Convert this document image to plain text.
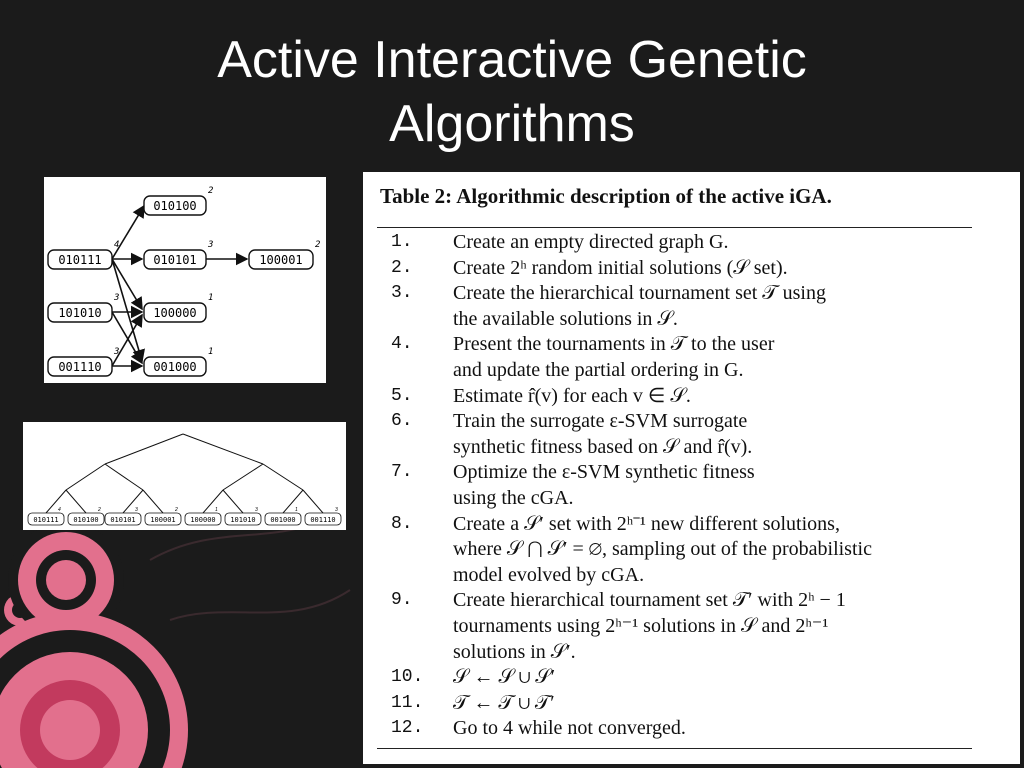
Active Interactive Genetic
Algorithms
010111
4
101010
3
001110
3
010100
2
010101
3
100000
1
001000
1
100001
2
010111
4
010100
2
010101
3
100001
2
100000
1
101010
3
001000
1
001110
3
Table 2: Algorithmic description of the active iGA.
1. Create an empty directed graph G.
2. Create 2ʰ random initial solutions (𝒮 set).
3. Create the hierarchical tournament set 𝒯 using
the available solutions in 𝒮.
4. Present the tournaments in 𝒯 to the user
and update the partial ordering in G.
5. Estimate r̂(v) for each v ∈ 𝒮.
6. Train the surrogate ε-SVM surrogate
synthetic fitness based on 𝒮 and r̂(v).
7. Optimize the ε-SVM synthetic fitness
using the cGA.
8. Create a 𝒮′ set with 2ʰ⁻¹ new different solutions,
where 𝒮 ⋂ 𝒮′ = ∅, sampling out of the probabilistic
model evolved by cGA.
9. Create hierarchical tournament set 𝒯′ with 2ʰ − 1
tournaments using 2ʰ⁻¹ solutions in 𝒮 and 2ʰ⁻¹
solutions in 𝒮′.
10. 𝒮 ← 𝒮 ∪ 𝒮′
11. 𝒯 ← 𝒯 ∪ 𝒯′
12. Go to 4 while not converged.
